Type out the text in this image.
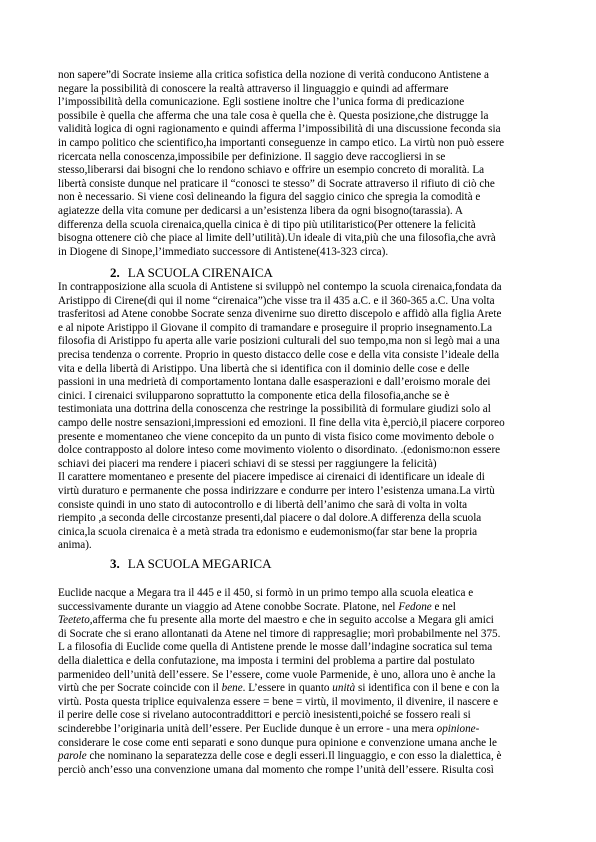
non sapere”di Socrate insieme alla critica sofistica della nozione di verità conducono Antistene a
negare la possibilità di conoscere la realtà attraverso il linguaggio e quindi ad affermare
l’impossibilità della comunicazione. Egli sostiene inoltre che l’unica forma di predicazione
possibile è quella che afferma che una tale cosa è quella che è. Questa posizione,che distrugge la
validità logica di ogni ragionamento e quindi afferma l’impossibilità di una discussione feconda sia
in campo politico che scientifico,ha importanti conseguenze in campo etico. La virtù non può essere
ricercata nella conoscenza,impossibile per definizione. Il saggio deve raccogliersi in se
stesso,liberarsi dai bisogni che lo rendono schiavo e offrire un esempio concreto di moralità. La
libertà consiste dunque nel praticare il “conosci te stesso” di Socrate attraverso il rifiuto di ciò che
non è necessario. Si viene così delineando la figura del saggio cinico che spregia la comodità e
agiatezze della vita comune per dedicarsi a un’esistenza libera da ogni bisogno(tarassia). A
differenza della scuola cirenaica,quella cinica è di tipo più utilitaristico(Per ottenere la felicità
bisogna ottenere ciò che piace al limite dell’utilità).Un ideale di vita,più che una filosofia,che avrà
in Diogene di Sinope,l’immediato successore di Antistene(413-323 circa).
2. LA SCUOLA CIRENAICA
In contrapposizione alla scuola di Antistene si sviluppò nel contempo la scuola cirenaica,fondata da
Aristippo di Cirene(di qui il nome “cirenaica”)che visse tra il 435 a.C. e il 360-365 a.C. Una volta
trasferitosi ad Atene conobbe Socrate senza divenirne suo diretto discepolo e affidò alla figlia Arete
e al nipote Aristippo il Giovane il compito di tramandare e proseguire il proprio insegnamento.La
filosofia di Aristippo fu aperta alle varie posizioni culturali del suo tempo,ma non si legò mai a una
precisa tendenza o corrente. Proprio in questo distacco delle cose e della vita consiste l’ideale della
vita e della libertà di Aristippo. Una libertà che si identifica con il dominio delle cose e delle
passioni in una medrietà di comportamento lontana dalle esasperazioni e dall’eroismo morale dei
cinici. I cirenaici svilupparono soprattutto la componente etica della filosofia,anche se è
testimoniata una dottrina della conoscenza che restringe la possibilità di formulare giudizi solo al
campo delle nostre sensazioni,impressioni ed emozioni. Il fine della vita è,perciò,il piacere corporeo
presente e momentaneo che viene concepito da un punto di vista fisico come movimento debole o
dolce contrapposto al dolore inteso come movimento violento o disordinato. .(edonismo:non essere
schiavi dei piaceri ma rendere i piaceri schiavi di se stessi per raggiungere la felicità)
Il carattere momentaneo e presente del piacere impedisce ai cirenaici di identificare un ideale di
virtù duraturo e permanente che possa indirizzare e condurre per intero l’esistenza umana.La virtù
consiste quindi in uno stato di autocontrollo e di libertà dell’animo che sarà di volta in volta
riempito ,a seconda delle circostanze presenti,dal piacere o dal dolore.A differenza della scuola
cinica,la scuola cirenaica è a metà strada tra edonismo e eudemonismo(far star bene la propria
anima).
3. LA SCUOLA MEGARICA
Euclide nacque a Megara tra il 445 e il 450, si formò in un primo tempo alla scuola eleatica e
successivamente durante un viaggio ad Atene conobbe Socrate. Platone, nel Fedone e nel
Teeteto,afferma che fu presente alla morte del maestro e che in seguito accolse a Megara gli amici
di Socrate che si erano allontanati da Atene nel timore di rappresaglie; morì probabilmente nel 375.
L a filosofia di Euclide come quella di Antistene prende le mosse dall’indagine socratica sul tema
della dialettica e della confutazione, ma imposta i termini del problema a partire dal postulato
parmenideo dell’unità dell’essere. Se l’essere, come vuole Parmenide, è uno, allora uno è anche la
virtù che per Socrate coincide con il bene. L’essere in quanto unità si identifica con il bene e con la
virtù. Posta questa triplice equivalenza essere = bene = virtù, il movimento, il divenire, il nascere e
il perire delle cose si rivelano autocontraddittori e perciò inesistenti,poiché se fossero reali si
scinderebbe l’originaria unità dell’essere. Per Euclide dunque è un errore - una mera opinione-
considerare le cose come enti separati e sono dunque pura opinione e convenzione umana anche le
parole che nominano la separatezza delle cose e degli esseri.Il linguaggio, e con esso la dialettica, è
perciò anch’esso una convenzione umana dal momento che rompe l’unità dell’essere. Risulta così
